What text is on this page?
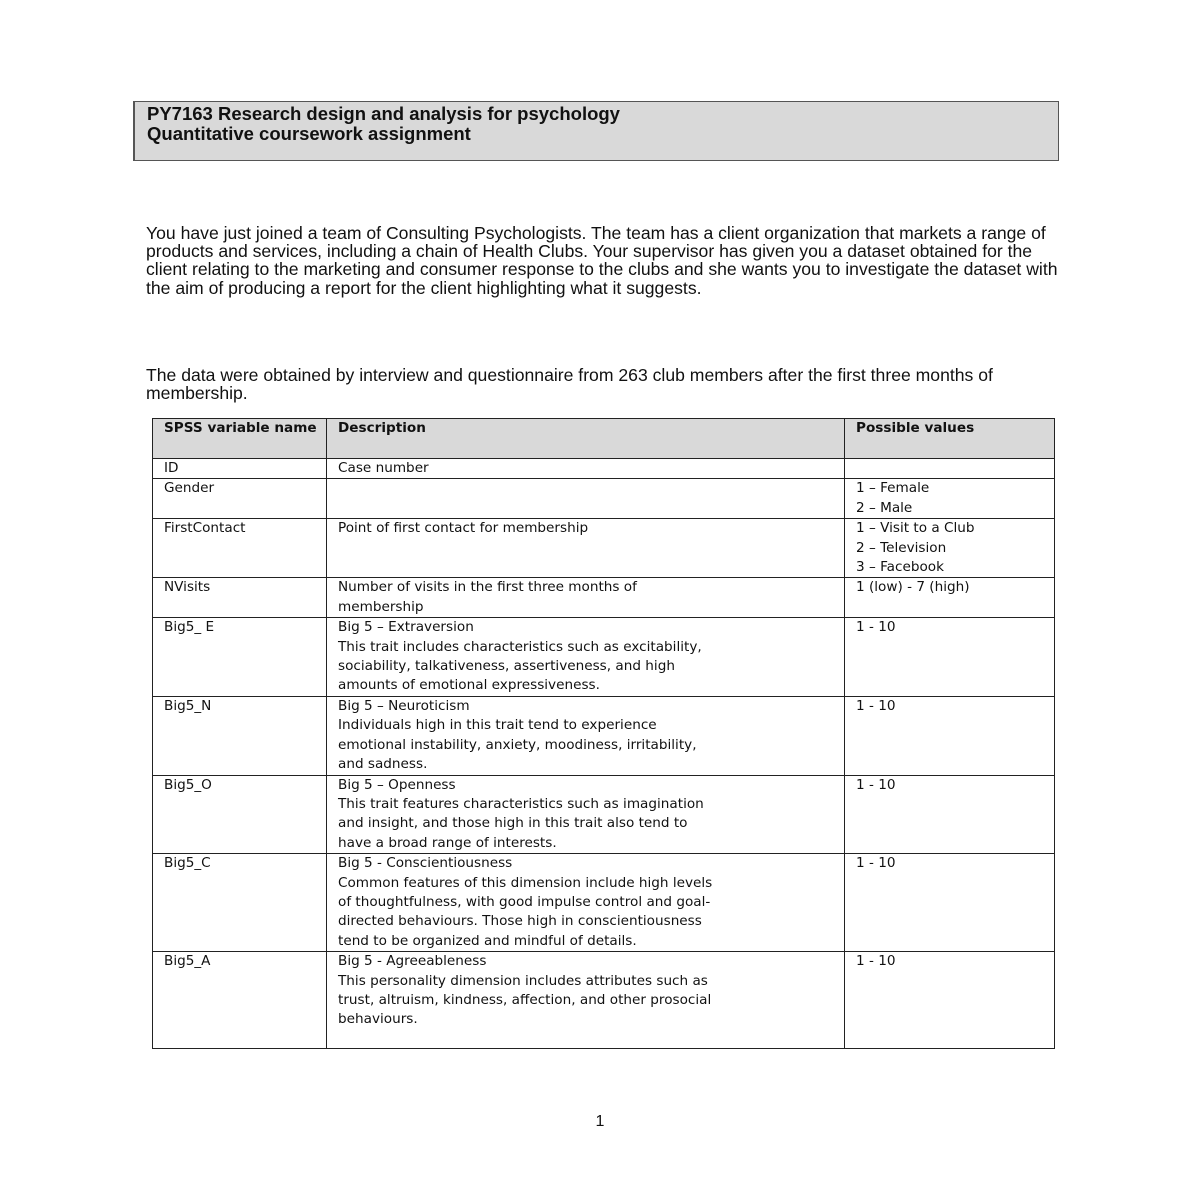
PY7163 Research design and analysis for psychology
Quantitative coursework assignment

You have just joined a team of Consulting Psychologists. The team has a client organization that markets a range of products and services, including a chain of Health Clubs. Your supervisor has given you a dataset obtained for the client relating to the marketing and consumer response to the clubs and she wants you to investigate the dataset with the aim of producing a report for the client highlighting what it suggests.

The data were obtained by interview and questionnaire from 263 club members after the first three months of membership.

SPSS variable name	Description	Possible values
ID	Case number	

Gender		1 – Female
2 – Male

FirstContact	Point of first contact for membership	1 – Visit to a Club
2 – Television
3 – Facebook

NVisits	Number of visits in the first three months of
membership	1 (low) - 7 (high)

Big5_ E	Big 5 – Extraversion
This trait includes characteristics such as excitability,
sociability, talkativeness, assertiveness, and high
amounts of emotional expressiveness.	1 - 10

Big5_N	Big 5 – Neuroticism
Individuals high in this trait tend to experience
emotional instability, anxiety, moodiness, irritability,
and sadness.	1 - 10

Big5_O	Big 5 – Openness
This trait features characteristics such as imagination
and insight, and those high in this trait also tend to
have a broad range of interests.	1 - 10

Big5_C	Big 5 - Conscientiousness
Common features of this dimension include high levels
of thoughtfulness, with good impulse control and goal-
directed behaviours. Those high in conscientiousness
tend to be organized and mindful of details.	1 - 10

Big5_A	Big 5 - Agreeableness
This personality dimension includes attributes such as
trust, altruism, kindness, affection, and other prosocial
behaviours.	1 - 10
1
